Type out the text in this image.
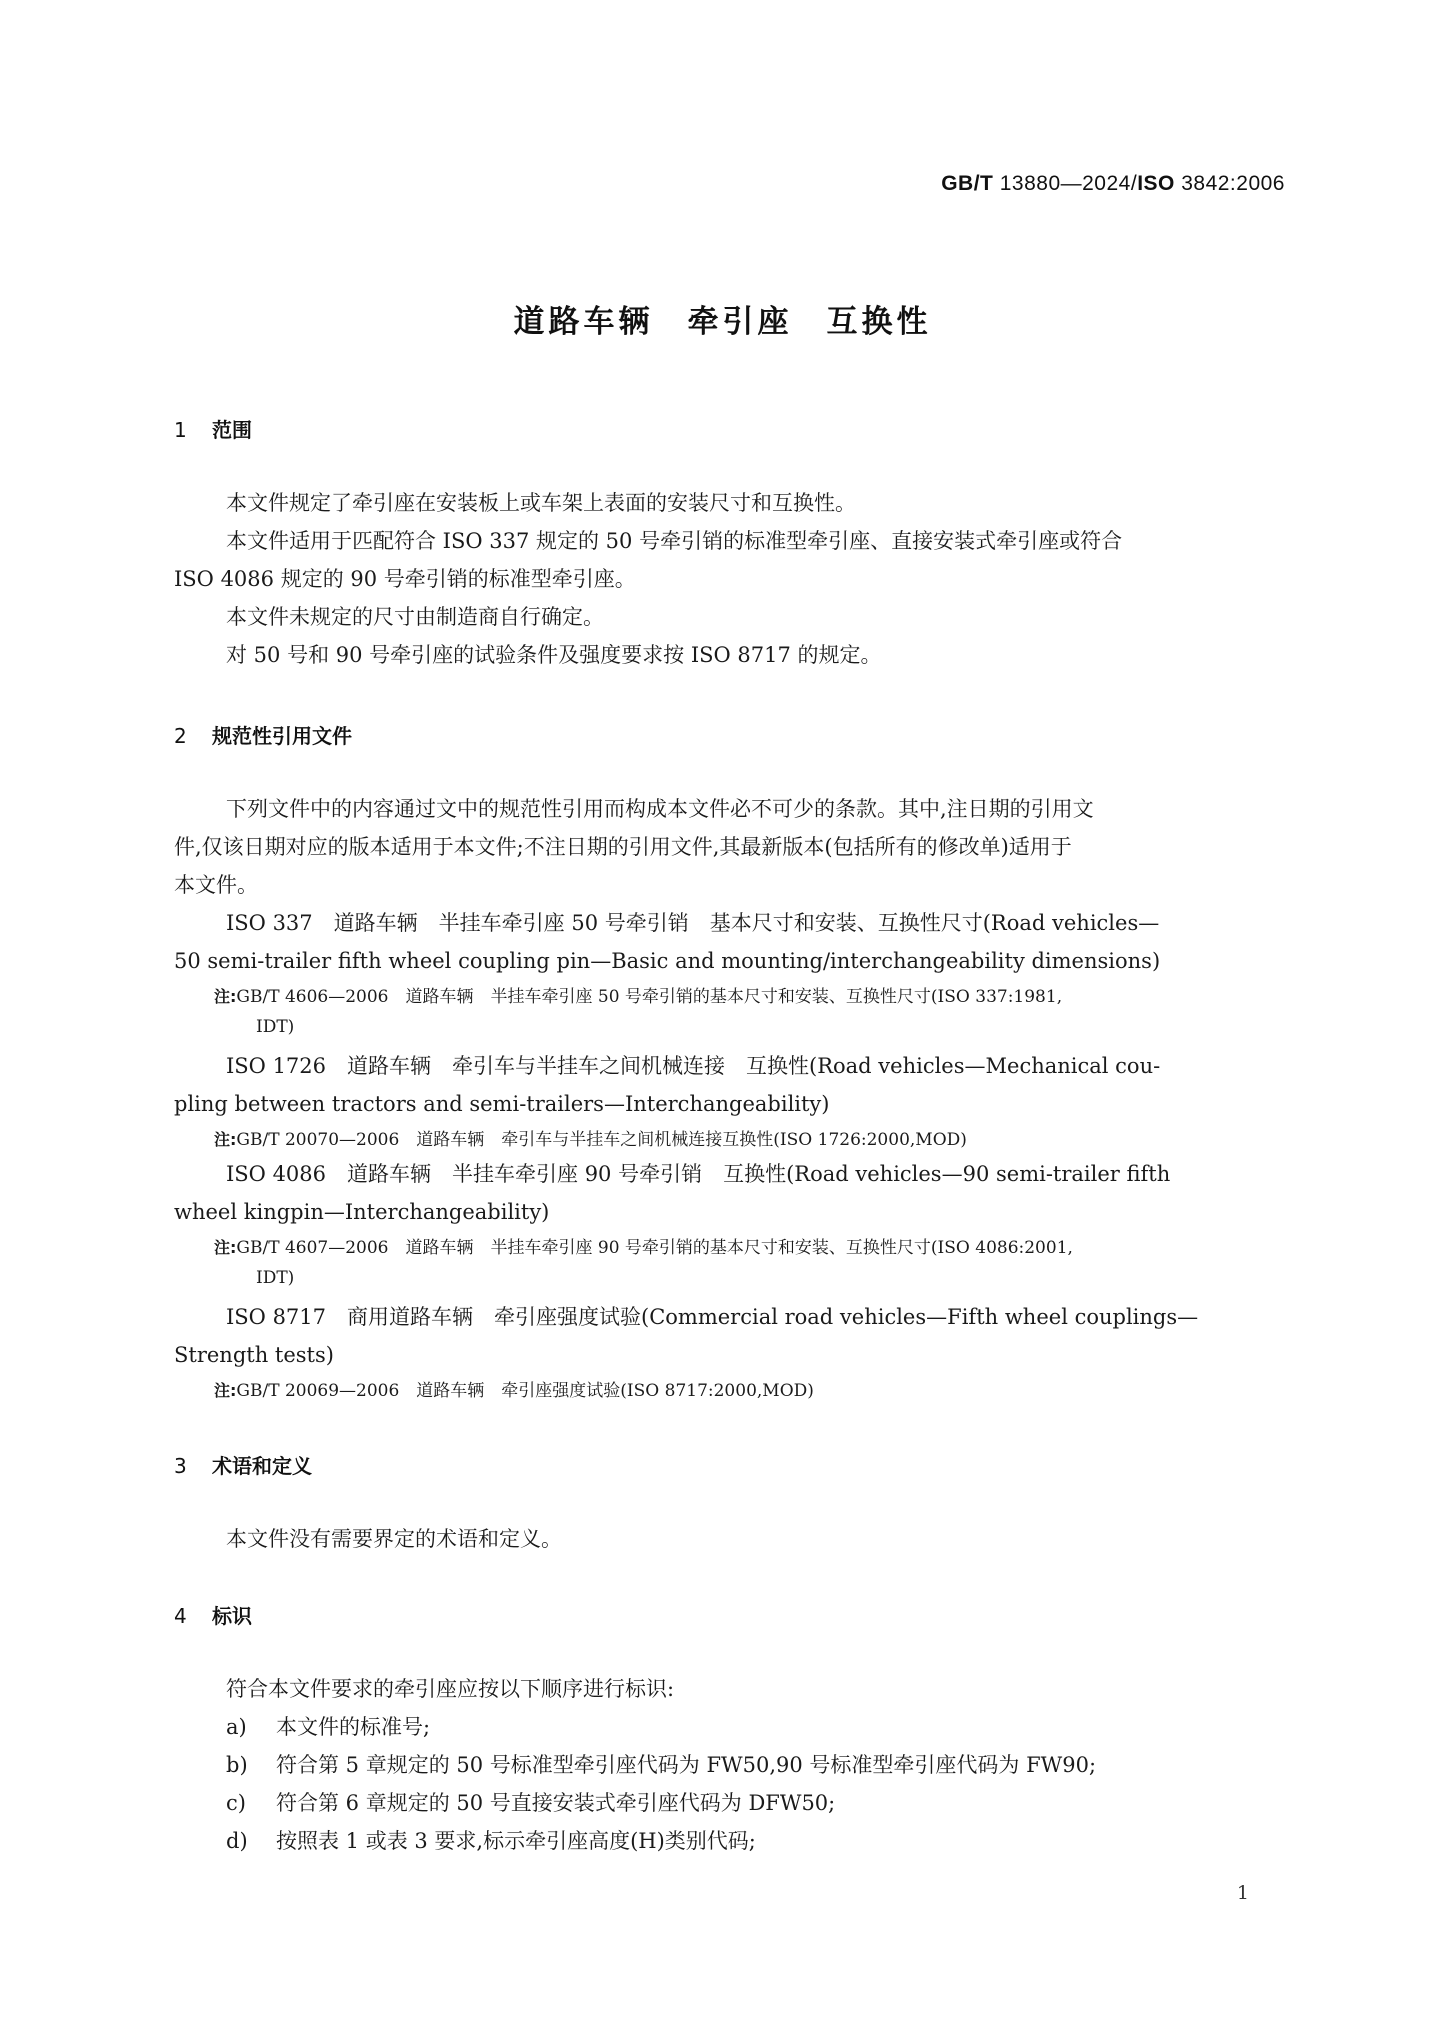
GB/T 13880—2024/ISO 3842:2006
道路车辆 牵引座 互换性
1 范围
本文件规定了牵引座在安装板上或车架上表面的安装尺寸和互换性。
本文件适用于匹配符合 ISO 337 规定的 50 号牵引销的标准型牵引座、直接安装式牵引座或符合
ISO 4086 规定的 90 号牵引销的标准型牵引座。
本文件未规定的尺寸由制造商自行确定。
对 50 号和 90 号牵引座的试验条件及强度要求按 ISO 8717 的规定。
2 规范性引用文件
下列文件中的内容通过文中的规范性引用而构成本文件必不可少的条款。其中,注日期的引用文
件,仅该日期对应的版本适用于本文件;不注日期的引用文件,其最新版本(包括所有的修改单)适用于
本文件。
ISO 337　道路车辆　半挂车牵引座 50 号牵引销　基本尺寸和安装、互换性尺寸(Road vehicles—
50 semi-trailer fifth wheel coupling pin—Basic and mounting/interchangeability dimensions)
注:GB/T 4606—2006　道路车辆　半挂车牵引座 50 号牵引销的基本尺寸和安装、互换性尺寸(ISO 337:1981,
IDT)
ISO 1726　道路车辆　牵引车与半挂车之间机械连接　互换性(Road vehicles—Mechanical cou-
pling between tractors and semi-trailers—Interchangeability)
注:GB/T 20070—2006　道路车辆　牵引车与半挂车之间机械连接互换性(ISO 1726:2000,MOD)
ISO 4086　道路车辆　半挂车牵引座 90 号牵引销　互换性(Road vehicles—90 semi-trailer fifth
wheel kingpin—Interchangeability)
注:GB/T 4607—2006　道路车辆　半挂车牵引座 90 号牵引销的基本尺寸和安装、互换性尺寸(ISO 4086:2001,
IDT)
ISO 8717　商用道路车辆　牵引座强度试验(Commercial road vehicles—Fifth wheel couplings—
Strength tests)
注:GB/T 20069—2006　道路车辆　牵引座强度试验(ISO 8717:2000,MOD)
3 术语和定义
本文件没有需要界定的术语和定义。
4 标识
符合本文件要求的牵引座应按以下顺序进行标识:
a) 本文件的标准号;
b) 符合第 5 章规定的 50 号标准型牵引座代码为 FW50,90 号标准型牵引座代码为 FW90;
c) 符合第 6 章规定的 50 号直接安装式牵引座代码为 DFW50;
d) 按照表 1 或表 3 要求,标示牵引座高度(H)类别代码;
1
